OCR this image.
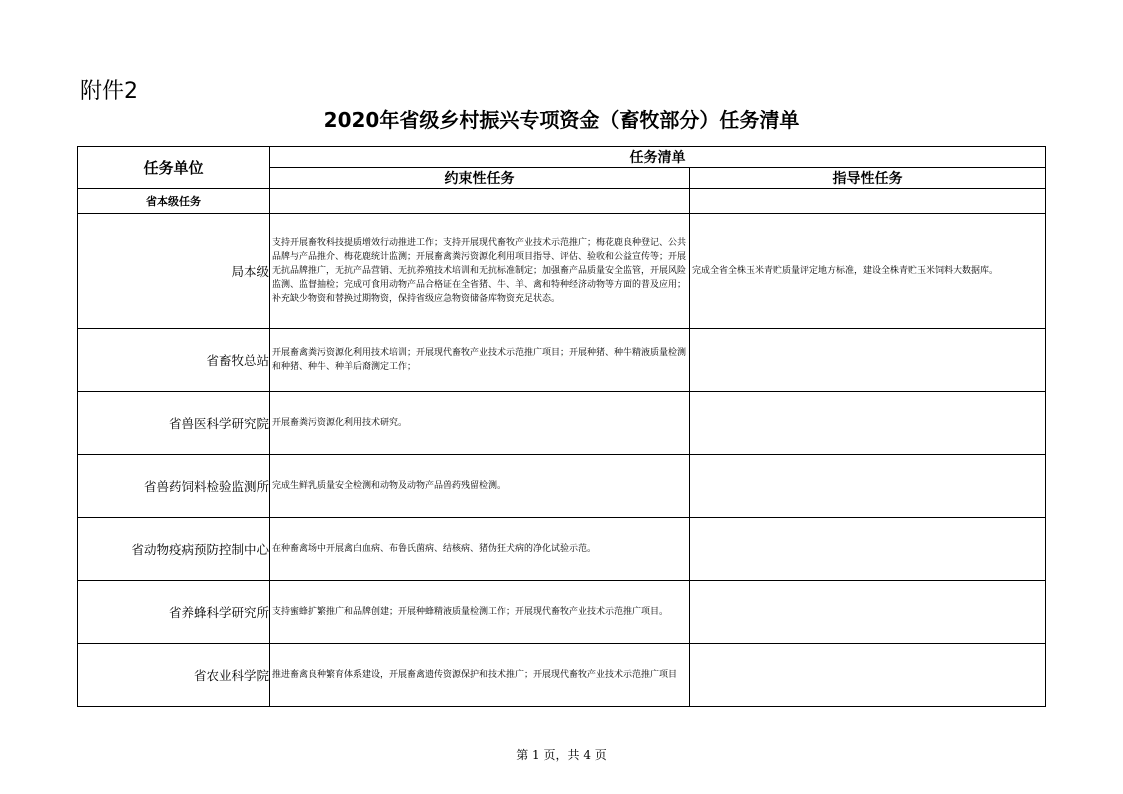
附件2
2020年省级乡村振兴专项资金（畜牧部分）任务清单
任务单位	任务清单	
	约束性任务	指导性任务
省本级任务		
局本级	支持开展畜牧科技提质增效行动推进工作；支持开展现代畜牧产业技术示范推广；梅花鹿良种登记、公共品牌与产品推介、梅花鹿统计监测；开展畜禽粪污资源化利用项目指导、评估、验收和公益宣传等；开展无抗品牌推广，无抗产品营销、无抗养殖技术培训和无抗标准制定；加强畜产品质量安全监管，开展风险监测、监督抽检；完成可食用动物产品合格证在全省猪、牛、羊、禽和特种经济动物等方面的普及应用；补充缺少物资和替换过期物资，保持省级应急物资储备库物资充足状态。	完成全省全株玉米青贮质量评定地方标准，建设全株青贮玉米饲料大数据库。
省畜牧总站	开展畜禽粪污资源化利用技术培训；开展现代畜牧产业技术示范推广项目；开展种猪、种牛精液质量检测和种猪、种牛、种羊后裔测定工作；	
省兽医科学研究院	开展畜粪污资源化利用技术研究。	
省兽药饲料检验监测所	完成生鲜乳质量安全检测和动物及动物产品兽药残留检测。	
省动物疫病预防控制中心	在种畜禽场中开展禽白血病、布鲁氏菌病、结核病、猪伪狂犬病的净化试验示范。	
省养蜂科学研究所	支持蜜蜂扩繁推广和品牌创建；开展种蜂精液质量检测工作；开展现代畜牧产业技术示范推广项目。	
省农业科学院	推进畜禽良种繁育体系建设，开展畜禽遗传资源保护和技术推广；开展现代畜牧产业技术示范推广项目	
第 1 页，共 4 页
